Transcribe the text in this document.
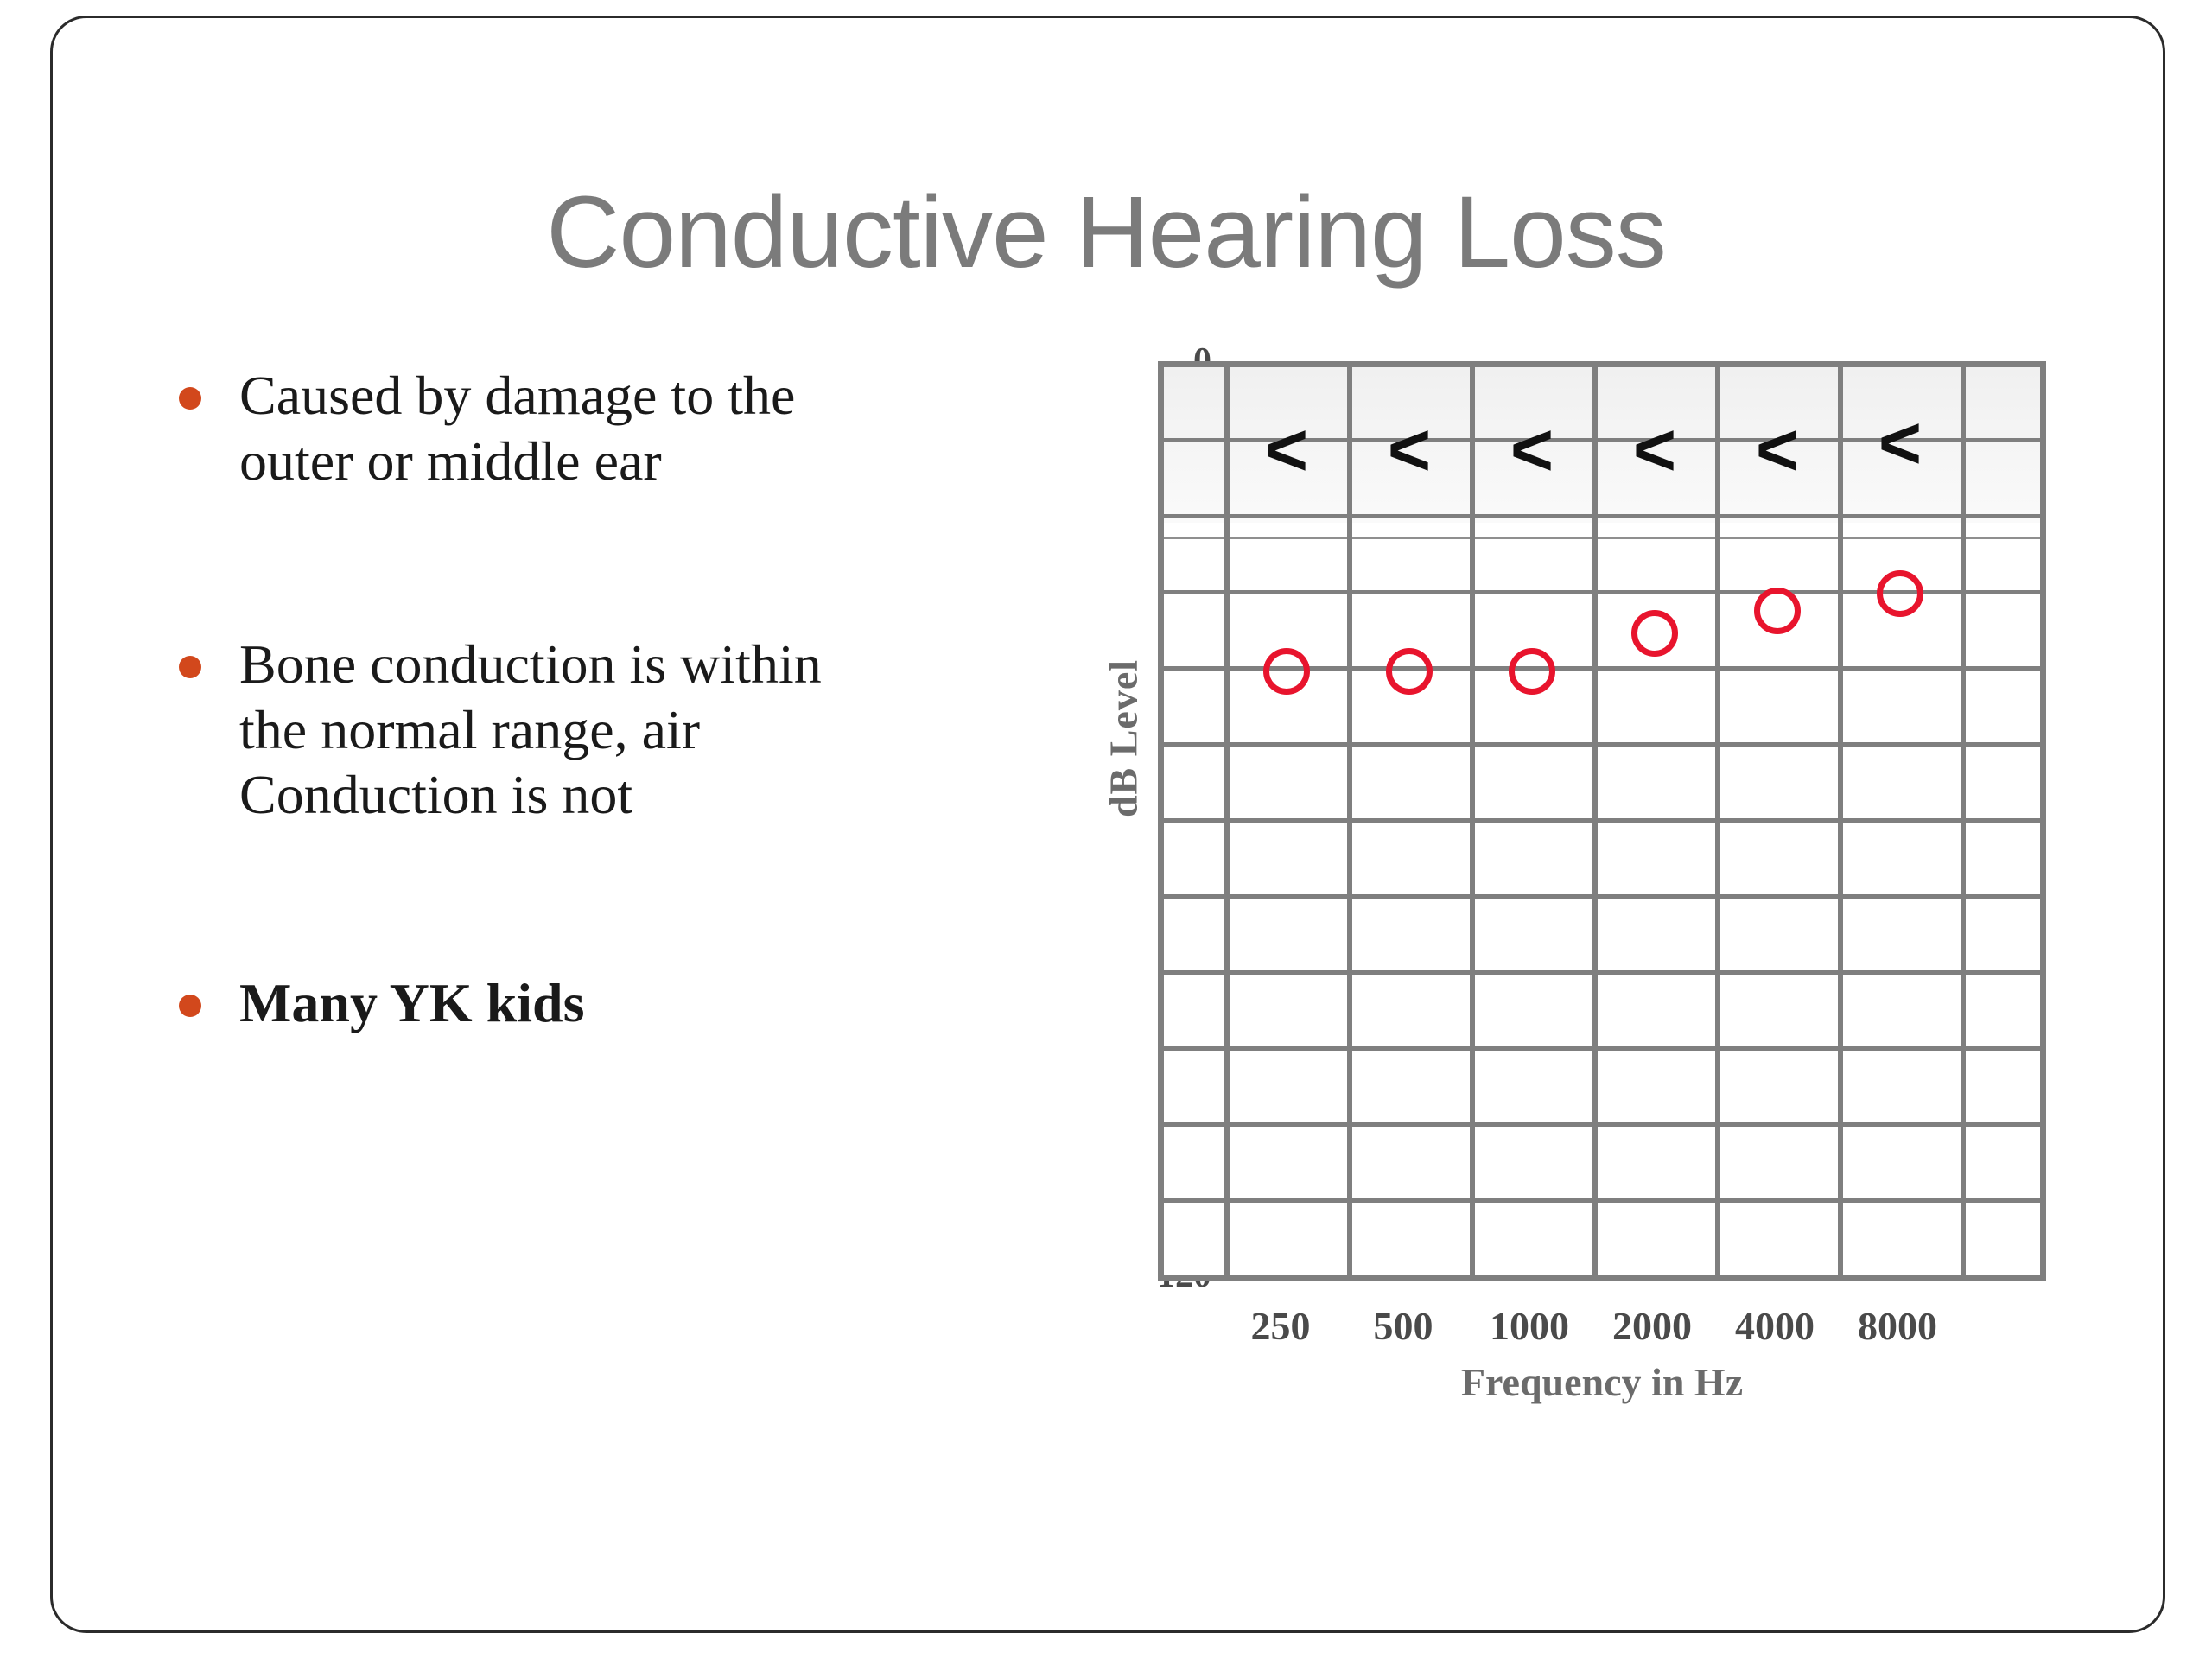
Conductive Hearing Loss
Caused by damage to the outer or middle ear
Bone conduction is within the normal range, air Conduction is not
Many YK kids
dB Level
< < < < < <
250	500	1000	2000	4000	8000
Frequency in Hz
